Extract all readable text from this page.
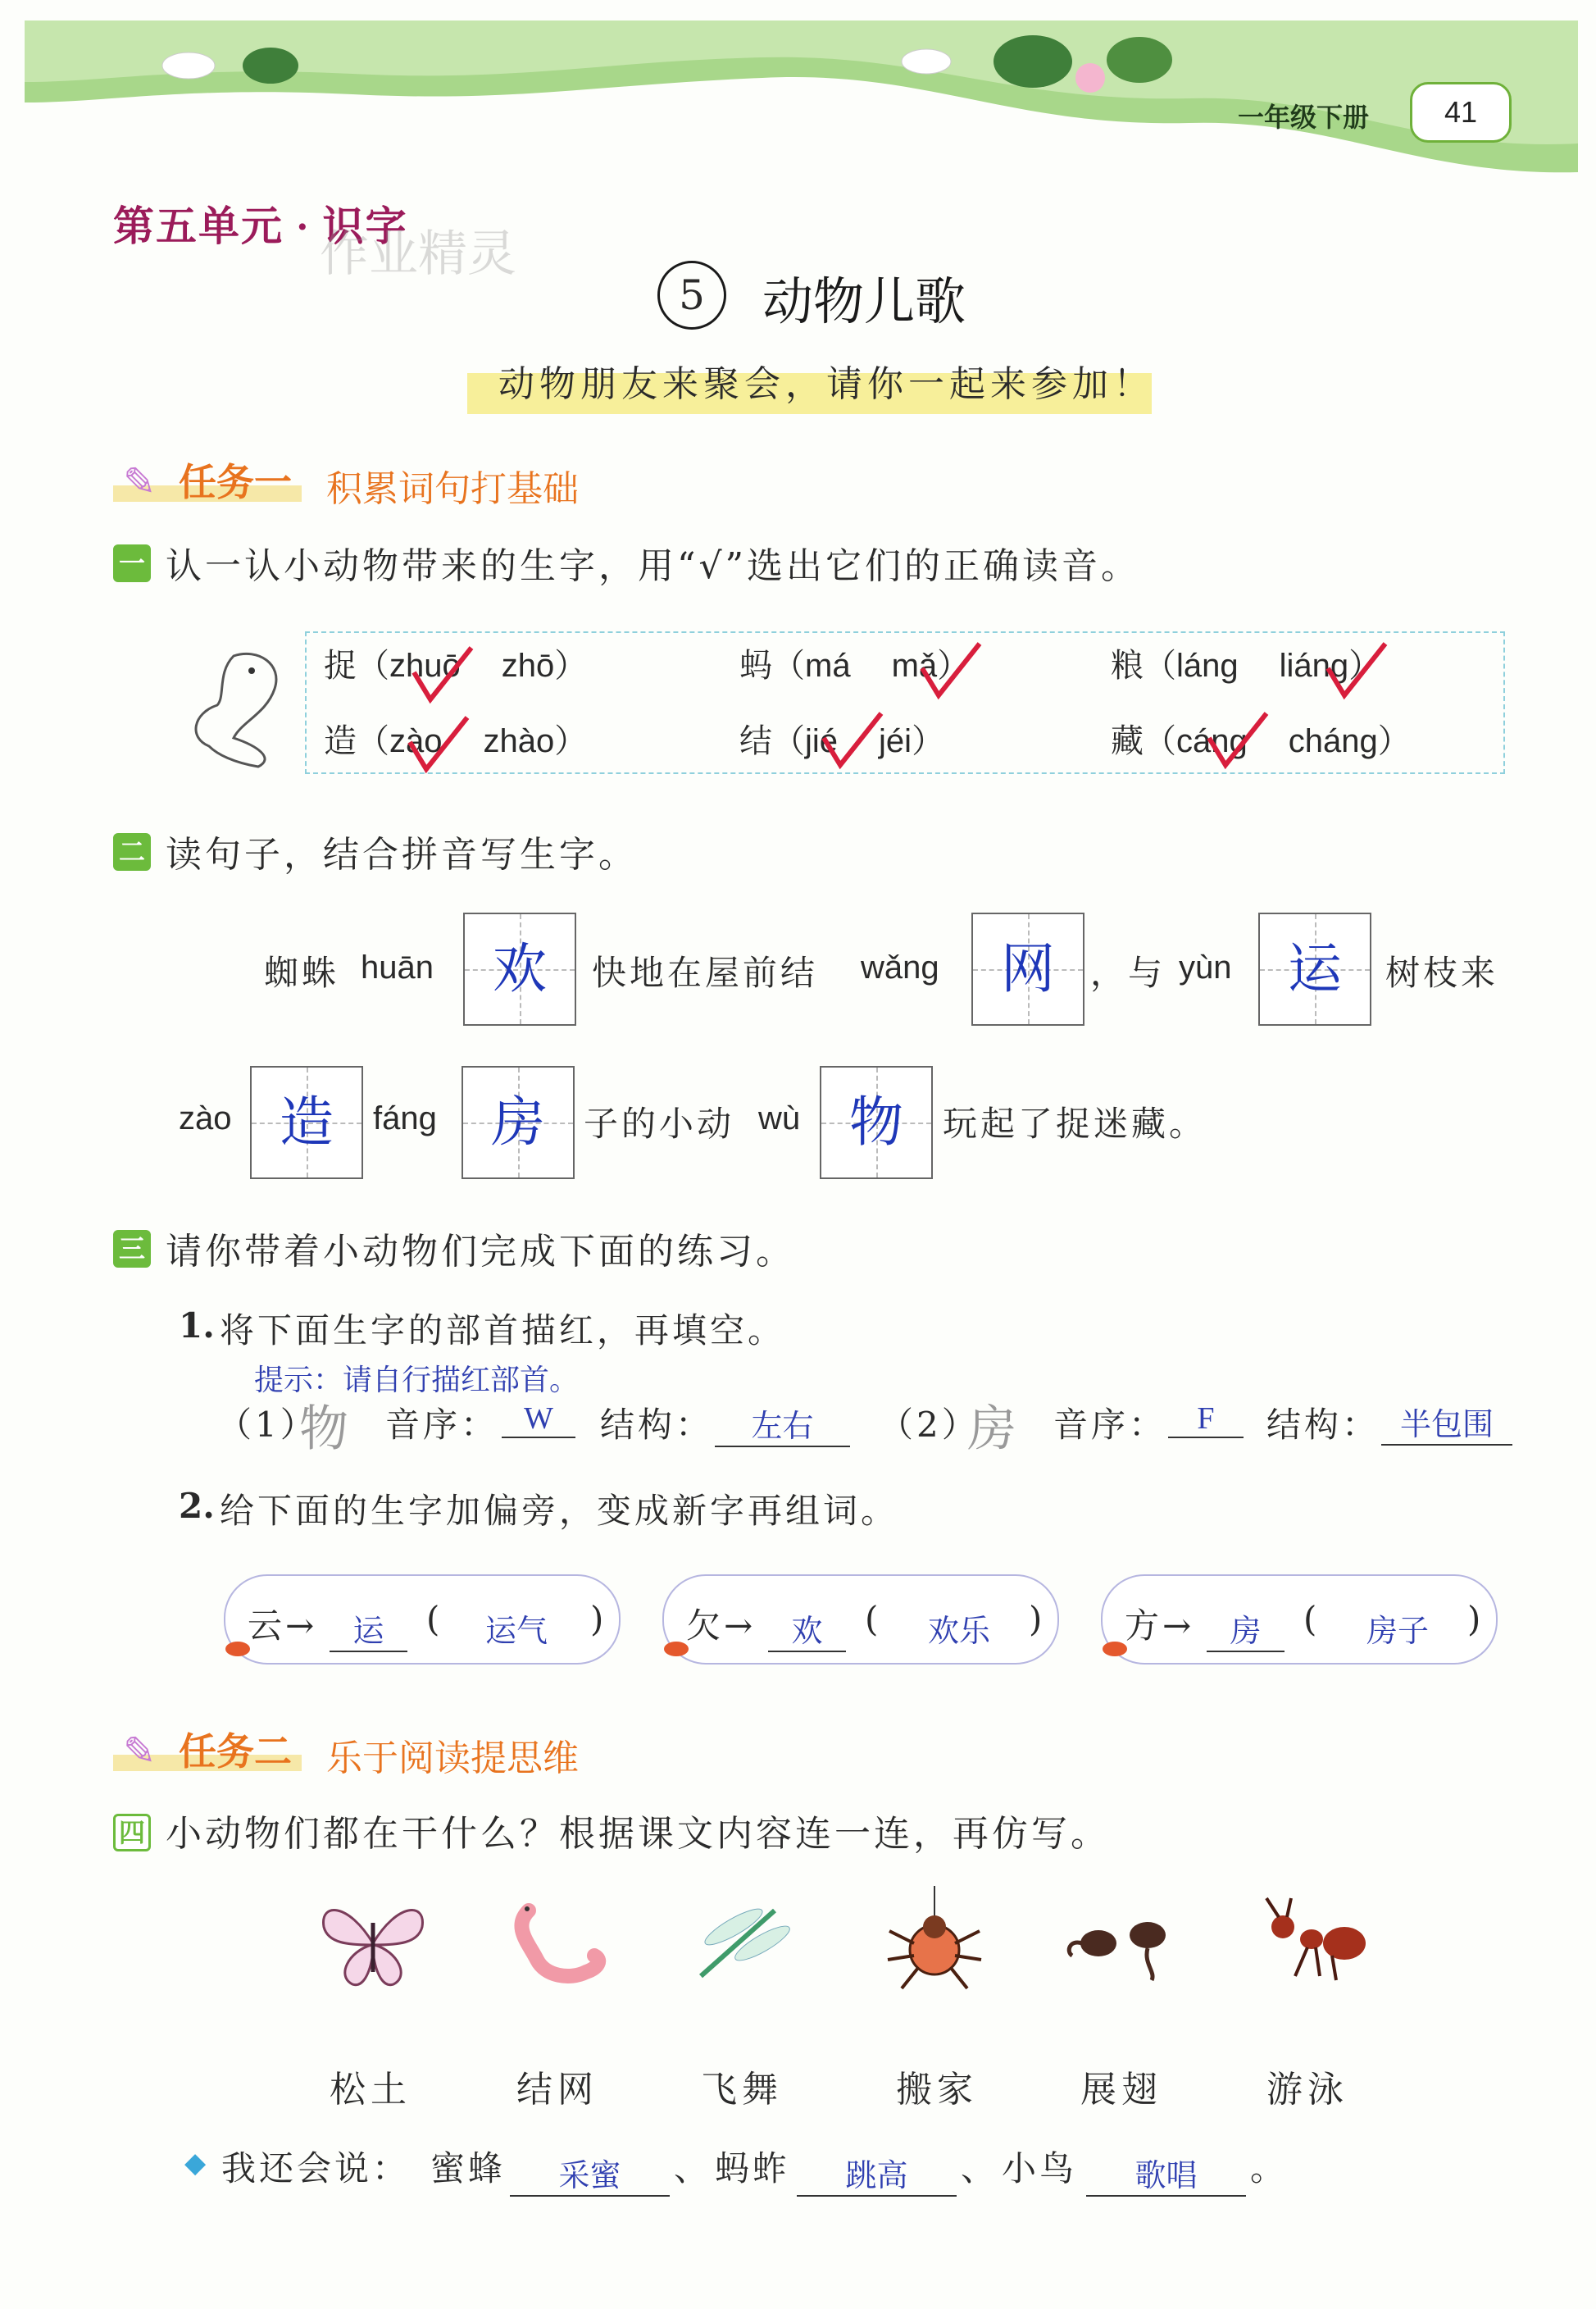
一年级下册	41
第五单元 · 识字
作业精灵
5	动物儿歌
动物朋友来聚会，请你一起来参加！
✎ 任务一 积累词句打基础
一 认一认小动物带来的生字，用“√”选出它们的正确读音。
捉（zhuō zhō）	蚂（má mǎ）	粮（láng liáng）
造（zào zhào）	结（jié jéi）	藏（cáng cháng）
二 读句子，结合拼音写生字。
蜘蛛 huān	欢	快地在屋前结 wǎng	网	，与 yùn	运	树枝来
zào 造	fáng	房	子的小动 wù 物	玩起了捉迷藏。
三 请你带着小动物们完成下面的练习。
1. 将下面生字的部首描红，再填空。
提示：请自行描红部首。
（1）
物 音序： W	结构：	左右	（2）
房 音序： F	结构： 半包围
2. 给下面的生字加偏旁，变成新字再组词。
云→	运	( 运气 ) 欠→	欢	( 欢乐 ) 方→	房	( 房子 )
✎ 任务二 乐于阅读提思维
四 小动物们都在干什么？根据课文内容连一连，再仿写。
松土	结网	飞舞	搬家	展翅	游泳
◆ 我还会说： 蜜蜂	采蜜	、 蚂蚱	跳高	、 小鸟	歌唱	。
